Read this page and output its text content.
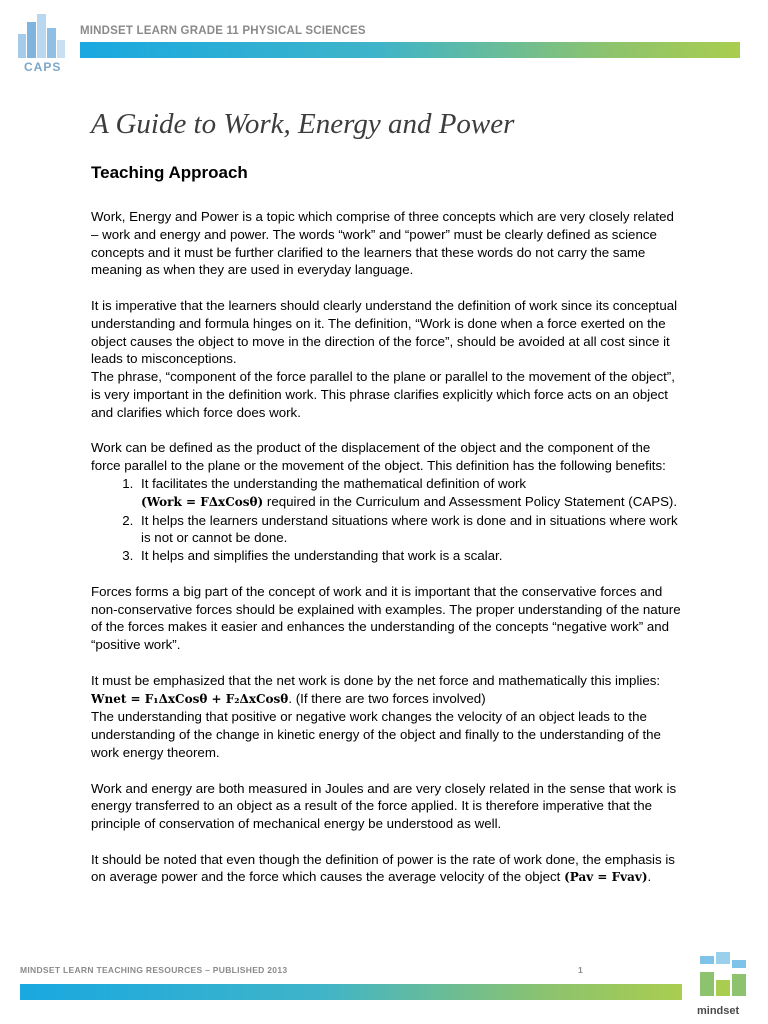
CAPS
MINDSET LEARN GRADE 11 PHYSICAL SCIENCES
A Guide to Work, Energy and Power
Teaching Approach

Work, Energy and Power is a topic which comprise of three concepts which are very closely related – work and energy and power. The words “work” and “power” must be clearly defined as science concepts and it must be further clarified to the learners that these words do not carry the same meaning as when they are used in everyday language.

It is imperative that the learners should clearly understand the definition of work since its conceptual understanding and formula hinges on it. The definition, “Work is done when a force exerted on the object causes the object to move in the direction of the force”, should be avoided at all cost since it leads to misconceptions.

The phrase, “component of the force parallel to the plane or parallel to the movement of the object”, is very important in the definition work. This phrase clarifies explicitly which force acts on an object and clarifies which force does work.

Work can be defined as the product of the displacement of the object and the component of the force parallel to the plane or the movement of the object. This definition has the following benefits:

1. It facilitates the understanding the mathematical definition of work
(Work = FΔxCosθ) required in the Curriculum and Assessment Policy Statement (CAPS).
2. It helps the learners understand situations where work is done and in situations where work is not or cannot be done.
3. It helps and simplifies the understanding that work is a scalar.

Forces forms a big part of the concept of work and it is important that the conservative forces and non-conservative forces should be explained with examples. The proper understanding of the nature of the forces makes it easier and enhances the understanding of the concepts “negative work” and “positive work”.

It must be emphasized that the net work is done by the net force and mathematically this implies: Wnet = F₁ΔxCosθ + F₂ΔxCosθ. (If there are two forces involved)

The understanding that positive or negative work changes the velocity of an object leads to the understanding of the change in kinetic energy of the object and finally to the understanding of the work energy theorem.

Work and energy are both measured in Joules and are very closely related in the sense that work is energy transferred to an object as a result of the force applied. It is therefore imperative that the principle of conservation of mechanical energy be understood as well.

It should be noted that even though the definition of power is the rate of work done, the emphasis is on average power and the force which causes the average velocity of the object (Pav = Fvav).

MINDSET LEARN TEACHING RESOURCES – PUBLISHED 2013	1
mindset
